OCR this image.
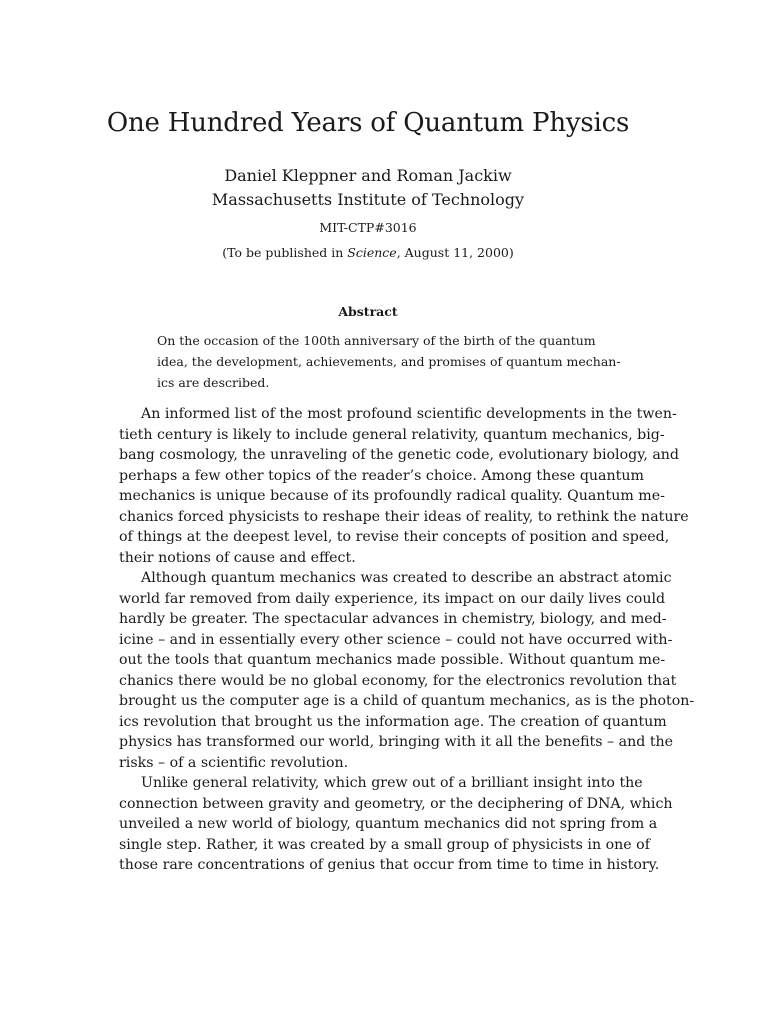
One Hundred Years of Quantum Physics
Daniel Kleppner and Roman Jackiw
Massachusetts Institute of Technology
MIT-CTP#3016
(To be published in Science, August 11, 2000)
Abstract
On the occasion of the 100th anniversary of the birth of the quantum
idea, the development, achievements, and promises of quantum mechan-
ics are described.
An informed list of the most profound scientific developments in the twen-
tieth century is likely to include general relativity, quantum mechanics, big-
bang cosmology, the unraveling of the genetic code, evolutionary biology, and
perhaps a few other topics of the reader’s choice. Among these quantum
mechanics is unique because of its profoundly radical quality. Quantum me-
chanics forced physicists to reshape their ideas of reality, to rethink the nature
of things at the deepest level, to revise their concepts of position and speed,
their notions of cause and effect.
Although quantum mechanics was created to describe an abstract atomic
world far removed from daily experience, its impact on our daily lives could
hardly be greater. The spectacular advances in chemistry, biology, and med-
icine – and in essentially every other science – could not have occurred with-
out the tools that quantum mechanics made possible. Without quantum me-
chanics there would be no global economy, for the electronics revolution that
brought us the computer age is a child of quantum mechanics, as is the photon-
ics revolution that brought us the information age. The creation of quantum
physics has transformed our world, bringing with it all the benefits – and the
risks – of a scientific revolution.
Unlike general relativity, which grew out of a brilliant insight into the
connection between gravity and geometry, or the deciphering of DNA, which
unveiled a new world of biology, quantum mechanics did not spring from a
single step. Rather, it was created by a small group of physicists in one of
those rare concentrations of genius that occur from time to time in history.
